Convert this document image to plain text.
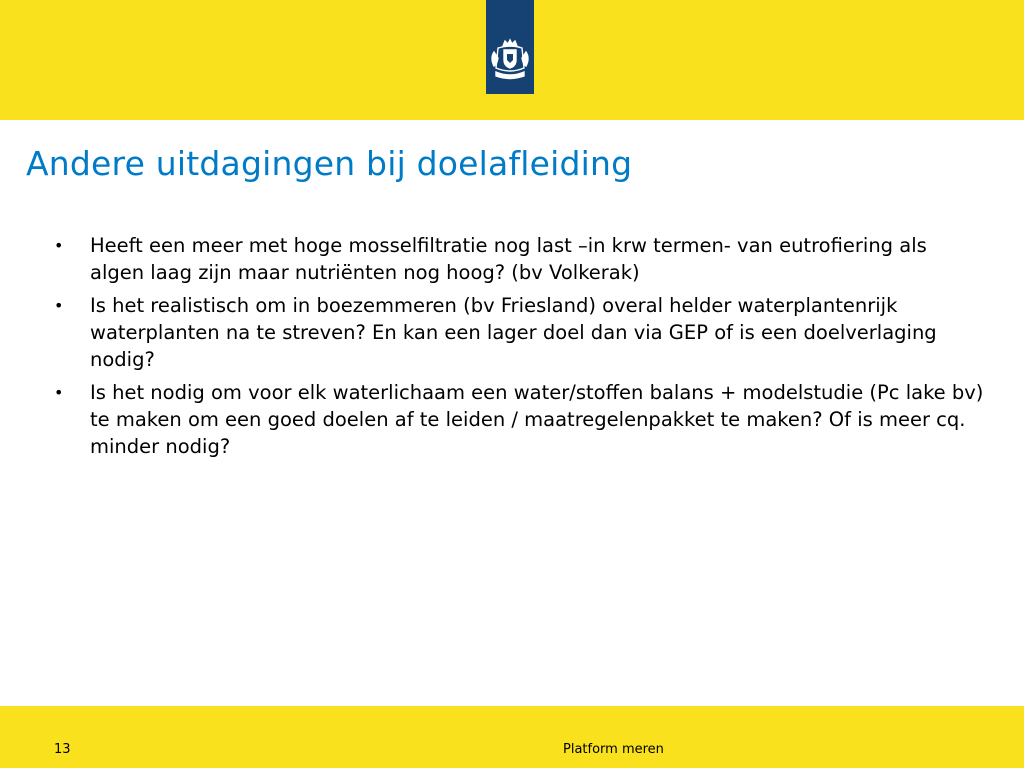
Andere uitdagingen bij doelafleiding
• Heeft een meer met hoge mosselfiltratie nog last –in krw termen- van eutrofiering als algen laag zijn maar nutriënten nog hoog? (bv Volkerak)
• Is het realistisch om in boezemmeren (bv Friesland) overal helder waterplantenrijk waterplanten na te streven? En kan een lager doel dan via GEP of is een doelverlaging nodig?
• Is het nodig om voor elk waterlichaam een water/stoffen balans + modelstudie (Pc lake bv) te maken om een goed doelen af te leiden / maatregelenpakket te maken? Of is meer cq. minder nodig?
13	Platform meren
